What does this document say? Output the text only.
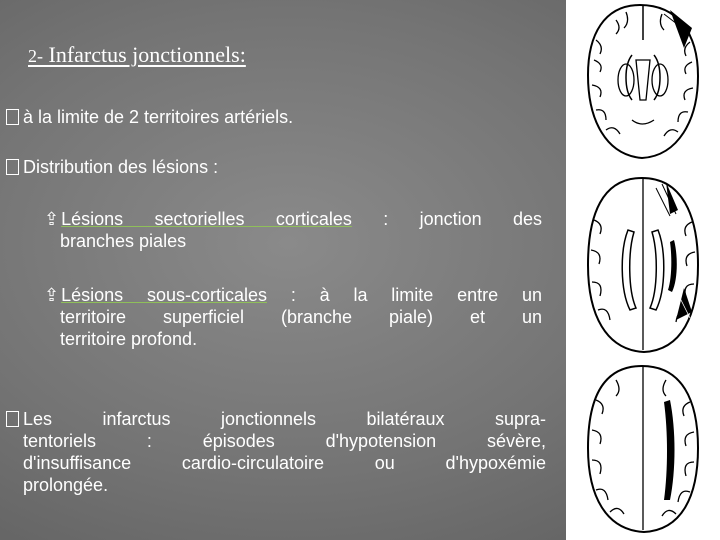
2- Infarctus jonctionnels:
à la limite de 2 territoires artériels.
Distribution des lésions :
⇪ Lésions sectorielles corticales : jonction des
branches piales
⇪ Lésions sous-corticales : à la limite entre un
territoire superficiel (branche piale) et un
territoire profond.
Les infarctus jonctionnels bilatéraux supra-
tentoriels : épisodes d'hypotension sévère,
d'insuffisance cardio-circulatoire ou d'hypoxémie
prolongée.
